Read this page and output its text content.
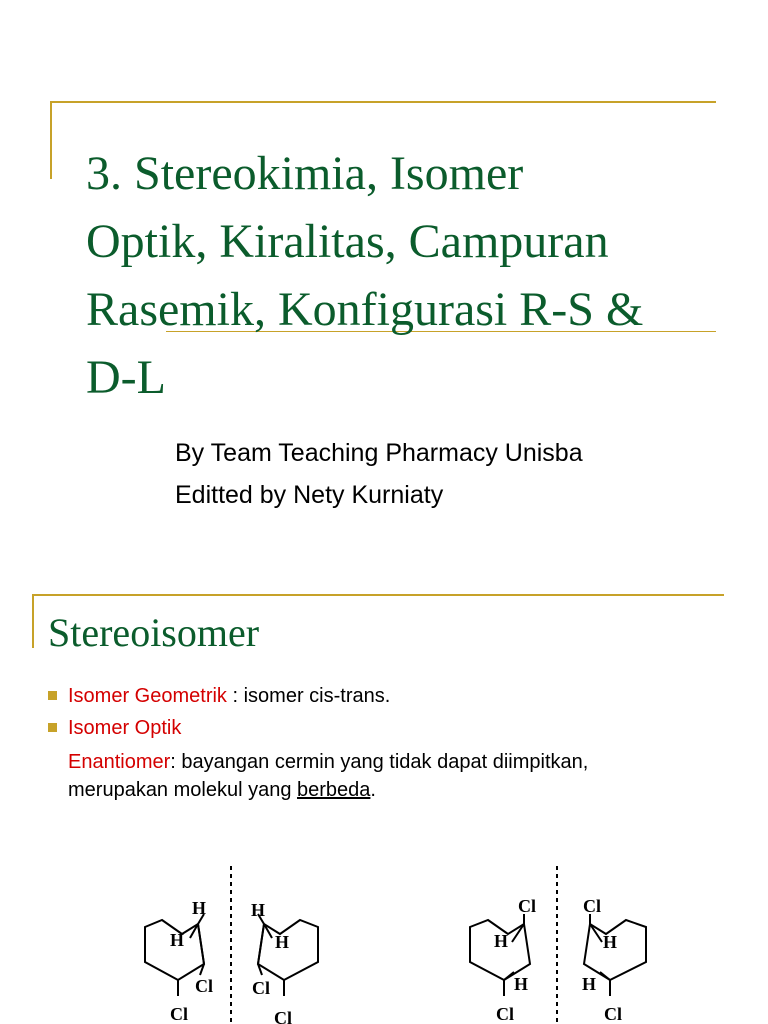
3. Stereokimia, Isomer
Optik, Kiralitas, Campuran
Rasemik, Konfigurasi R-S &
D-L

By Team Teaching Pharmacy Unisba
Editted by Nety Kurniaty

Stereoisomer
Isomer Geometrik : isomer cis-trans.
Isomer Optik
Enantiomer: bayangan cermin yang tidak dapat diimpitkan,
merupakan molekul yang berbeda.
H
H
Cl
Cl
H
H
Cl
Cl
Cl
H
H
Cl
Cl
H
H
Cl
